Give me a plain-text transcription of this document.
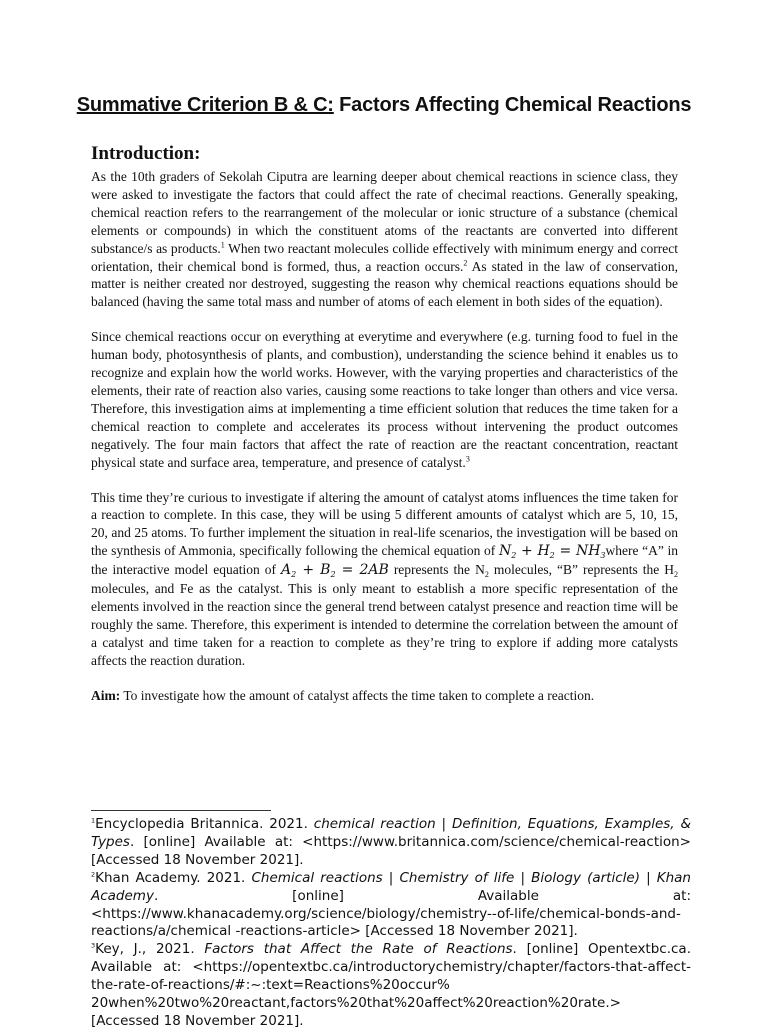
Summative Criterion B & C: Factors Affecting Chemical Reactions
Introduction:

As the 10th graders of Sekolah Ciputra are learning deeper about chemical reactions in science class, they were asked to investigate the factors that could affect the rate of checimal reactions. Generally speaking, chemical reaction refers to the rearrangement of the molecular or ionic structure of a substance (chemical elements or compounds) in which the constituent atoms of the reactants are converted into different substance/s as products.$^1$ When two reactant molecules collide effectively with minimum energy and correct orientation, their chemical bond is formed, thus, a reaction occurs.$^2$ As stated in the law of conservation, matter is neither created nor destroyed, suggesting the reason why chemical reactions equations should be balanced (having the same total mass and number of atoms of each element in both sides of the equation).

Since chemical reactions occur on everything at everytime and everywhere (e.g. turning food to fuel in the human body, photosynthesis of plants, and combustion), understanding the science behind it enables us to recognize and explain how the world works. However, with the varying properties and characteristics of the elements, their rate of reaction also varies, causing some reactions to take longer than others and vice versa. Therefore, this investigation aims at implementing a time efficient solution that reduces the time taken for a chemical reaction to complete and accelerates its process without intervening the product outcomes negatively. The four main factors that affect the rate of reaction are the reactant concentration, reactant physical state and surface area, temperature, and presence of catalyst.$^3$

This time they’re curious to investigate if altering the amount of catalyst atoms influences the time taken for a reaction to complete. In this case, they will be using 5 different amounts of catalyst which are 5, 10, 15, 20, and 25 atoms. To further implement the situation in real-life scenarios, the investigation will be based on the synthesis of Ammonia, specifically following the chemical equation of $N_2 + H_2$ = $NH_3where$ “A” in the interactive model equation of $A_2 + B_2 = 2AB$ represents the $N_2$ molecules, “B” represents the $H_2$ molecules, and Fe as the catalyst. This is only meant to establish a more specific representation of the elements involved in the reaction since the general trend between catalyst presence and reaction time will be roughly the same. Therefore, this experiment is intended to determine the correlation between the amount of a catalyst and time taken for a reaction to complete as they’re tring to explore if adding more catalysts affects the reaction duration.

Aim: To investigate how the amount of catalyst affects the time taken to complete a reaction.

$^1$Encyclopedia Britannica. 2021. chemical reaction | Definition, Equations, Examples, & Types. [online] Available at: <https://www.britannica.com/science/chemical-reaction> [Accessed 18 November 2021].

$^2$Khan Academy. 2021. Chemical reactions | Chemistry of life | Biology (article) | Khan Academy. [online] Available at: <https://www.khanacademy.org/science/biology/chemistry--of-life/chemical-bonds-and-reactions/a/chemical -reactions-article> [Accessed 18 November 2021].

$^3$Key, J., 2021. Factors that Affect the Rate of Reactions. [online] Opentextbc.ca. Available at: <https://opentextbc.ca/introductorychemistry/chapter/factors-that-affect-the-rate-of-reactions/#:~:text=Reactions%20occur% 20when%20two%20reactant,factors%20that%20affect%20reaction%20rate.> [Accessed 18 November 2021].
